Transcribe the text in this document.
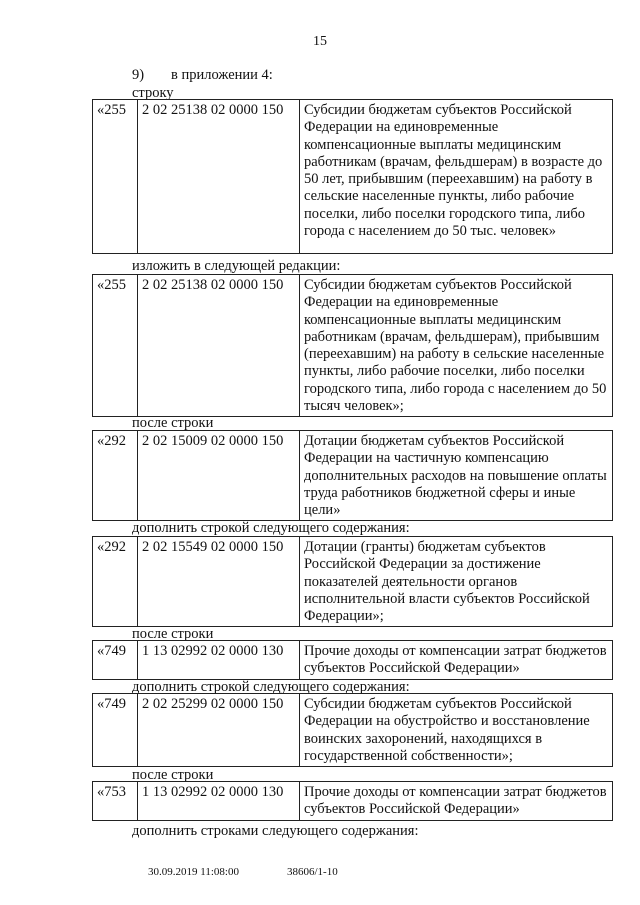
15
9) в приложении 4:
строку
«255	2 02 25138 02 0000 150	Субсидии бюджетам субъектов Российской Федерации на единовременные компенсационные выплаты медицинским работникам (врачам, фельдшерам) в возрасте до 50 лет, прибывшим (переехавшим) на работу в сельские населенные пункты, либо рабочие поселки, либо поселки городского типа, либо города с населением до 50 тыс. человек»
изложить в следующей редакции:
«255	2 02 25138 02 0000 150	Субсидии бюджетам субъектов Российской Федерации на единовременные компенсационные выплаты медицинским работникам (врачам, фельдшерам), прибывшим (переехавшим) на работу в сельские населенные пункты, либо рабочие поселки, либо поселки городского типа, либо города с населением до 50 тысяч человек»;
после строки
«292	2 02 15009 02 0000 150	Дотации бюджетам субъектов Российской Федерации на частичную компенсацию дополнительных расходов на повышение оплаты труда работников бюджетной сферы и иные цели»
дополнить строкой следующего содержания:
«292	2 02 15549 02 0000 150	Дотации (гранты) бюджетам субъектов Российской Федерации за достижение показателей деятельности органов исполнительной власти субъектов Российской Федерации»;
после строки
«749	1 13 02992 02 0000 130	Прочие доходы от компенсации затрат бюджетов субъектов Российской Федерации»
дополнить строкой следующего содержания:
«749	2 02 25299 02 0000 150	Субсидии бюджетам субъектов Российской Федерации на обустройство и восстановление воинских захоронений, находящихся в государственной собственности»;
после строки
«753	1 13 02992 02 0000 130	Прочие доходы от компенсации затрат бюджетов субъектов Российской Федерации»
дополнить строками следующего содержания:
30.09.2019 11:08:00	38606/1-10
